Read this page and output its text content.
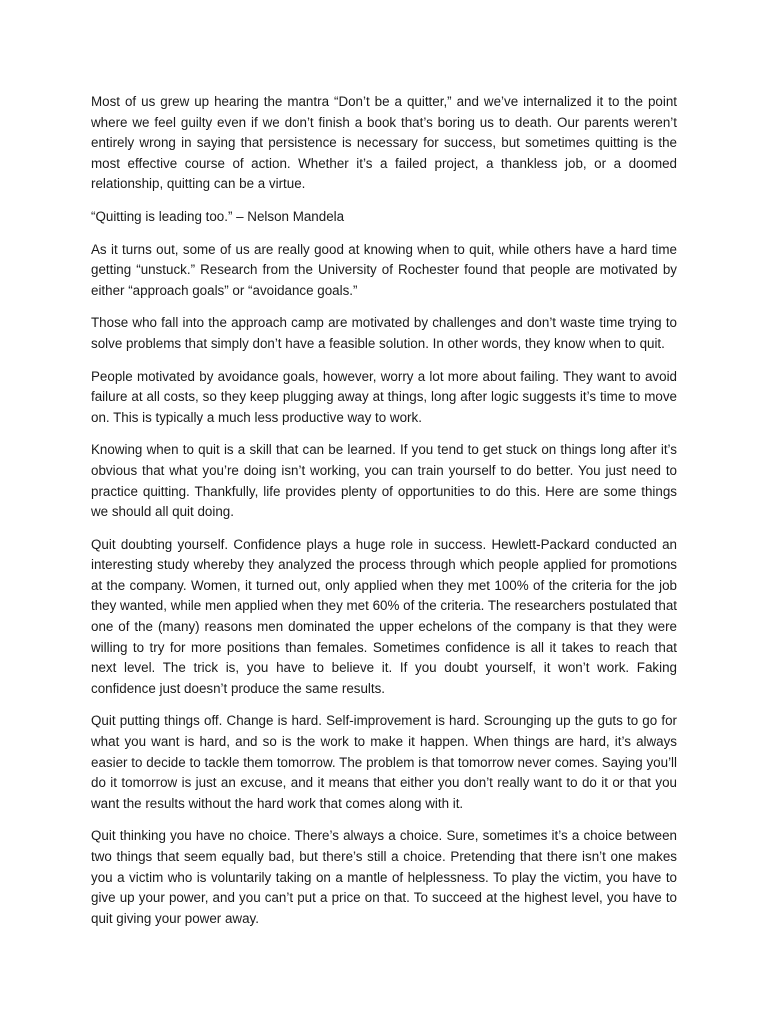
Most of us grew up hearing the mantra “Don’t be a quitter,” and we’ve internalized it to the point where we feel guilty even if we don’t finish a book that’s boring us to death. Our parents weren’t entirely wrong in saying that persistence is necessary for success, but sometimes quitting is the most effective course of action. Whether it’s a failed project, a thankless job, or a doomed relationship, quitting can be a virtue.

“Quitting is leading too.” – Nelson Mandela

As it turns out, some of us are really good at knowing when to quit, while others have a hard time getting “unstuck.” Research from the University of Rochester found that people are motivated by either “approach goals” or “avoidance goals.”

Those who fall into the approach camp are motivated by challenges and don’t waste time trying to solve problems that simply don’t have a feasible solution. In other words, they know when to quit.

People motivated by avoidance goals, however, worry a lot more about failing. They want to avoid failure at all costs, so they keep plugging away at things, long after logic suggests it’s time to move on. This is typically a much less productive way to work.

Knowing when to quit is a skill that can be learned. If you tend to get stuck on things long after it’s obvious that what you’re doing isn’t working, you can train yourself to do better. You just need to practice quitting. Thankfully, life provides plenty of opportunities to do this. Here are some things we should all quit doing.

Quit doubting yourself. Confidence plays a huge role in success. Hewlett-Packard conducted an interesting study whereby they analyzed the process through which people applied for promotions at the company. Women, it turned out, only applied when they met 100% of the criteria for the job they wanted, while men applied when they met 60% of the criteria. The researchers postulated that one of the (many) reasons men dominated the upper echelons of the company is that they were willing to try for more positions than females. Sometimes confidence is all it takes to reach that next level. The trick is, you have to believe it. If you doubt yourself, it won’t work. Faking confidence just doesn’t produce the same results.

Quit putting things off. Change is hard. Self-improvement is hard. Scrounging up the guts to go for what you want is hard, and so is the work to make it happen. When things are hard, it’s always easier to decide to tackle them tomorrow. The problem is that tomorrow never comes. Saying you’ll do it tomorrow is just an excuse, and it means that either you don’t really want to do it or that you want the results without the hard work that comes along with it.

Quit thinking you have no choice. There’s always a choice. Sure, sometimes it’s a choice between two things that seem equally bad, but there’s still a choice. Pretending that there isn’t one makes you a victim who is voluntarily taking on a mantle of helplessness. To play the victim, you have to give up your power, and you can’t put a price on that. To succeed at the highest level, you have to quit giving your power away.
